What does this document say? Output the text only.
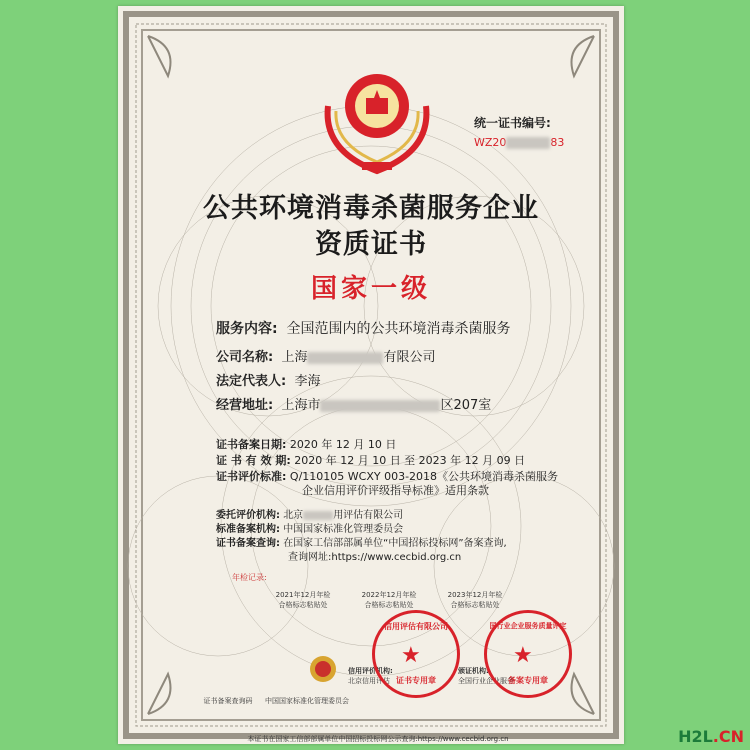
统一证书编号:
WZ20	83
公共环境消毒杀菌服务企业
资质证书
国家一级
服务内容: 全国范围内的公共环境消毒杀菌服务
公司名称: 上海	有限公司
法定代表人: 李海
经营地址: 上海市	区207室
证书备案日期: 2020 年 12 月 10 日
证 书 有 效 期: 2020 年 12 月 10 日 至 2023 年 12 月 09 日
证书评价标准: Q/110105 WCXY 003-2018《公共环境消毒杀菌服务
企业信用评价评级指导标准》适用条款
委托评价机构: 北京	用评估有限公司
标准备案机构: 中国国家标准化管理委员会
证书备案查询: 在国家工信部部属单位“中国招标投标网”备案查询,
查询网址:https://www.cecbid.org.cn
年检记录:
2021年12月年检
合格标志粘贴处
2022年12月年检
合格标志粘贴处
2023年12月年检
合格标志粘贴处
信用评价机构:
北京信用评估
颁证机构:
全国行业企业服务
信用评估有限公司
★
证书专用章
国行业企业服务质量评定
★
备案专用章
证书备案查询码	中国国家标准化管理委员会
本证书在国家工信部部属单位中国招标投标网公示查询:https://www.cecbid.org.cn	H2L.CN
